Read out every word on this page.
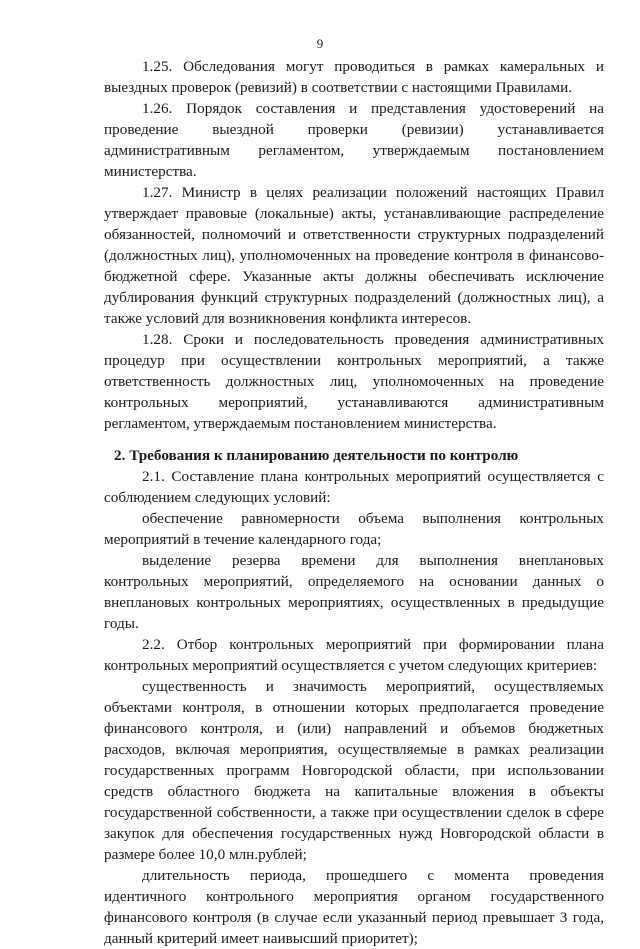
9

1.25. Обследования могут проводиться в рамках камеральных и выездных проверок (ревизий) в соответствии с настоящими Правилами.

1.26. Порядок составления и представления удостоверений на проведение выездной проверки (ревизии) устанавливается административным регламентом, утверждаемым постановлением министерства.

1.27. Министр в целях реализации положений настоящих Правил утверждает правовые (локальные) акты, устанавливающие распределение обязанностей, полномочий и ответственности структурных подразделений (должностных лиц), уполномоченных на проведение контроля в финансово-бюджетной сфере. Указанные акты должны обеспечивать исключение дублирования функций структурных подразделений (должностных лиц), а также условий для возникновения конфликта интересов.

1.28. Сроки и последовательность проведения административных процедур при осуществлении контрольных мероприятий, а также ответственность должностных лиц, уполномоченных на проведение контрольных мероприятий, устанавливаются административным регламентом, утверждаемым постановлением министерства.

2. Требования к планированию деятельности по контролю

2.1. Составление плана контрольных мероприятий осуществляется с соблюдением следующих условий:

обеспечение равномерности объема выполнения контрольных мероприятий в течение календарного года;

выделение резерва времени для выполнения внеплановых контрольных мероприятий, определяемого на основании данных о внеплановых контрольных мероприятиях, осуществленных в предыдущие годы.

2.2. Отбор контрольных мероприятий при формировании плана контрольных мероприятий осуществляется с учетом следующих критериев:

существенность и значимость мероприятий, осуществляемых объектами контроля, в отношении которых предполагается проведение финансового контроля, и (или) направлений и объемов бюджетных расходов, включая мероприятия, осуществляемые в рамках реализации государственных программ Новгородской области, при использовании средств областного бюджета на капитальные вложения в объекты государственной собственности, а также при осуществлении сделок в сфере закупок для обеспечения государственных нужд Новгородской области в размере более 10,0 млн.рублей;

длительность периода, прошедшего с момента проведения идентичного контрольного мероприятия органом государственного финансового контроля (в случае если указанный период превышает 3 года, данный критерий имеет наивысший приоритет);
